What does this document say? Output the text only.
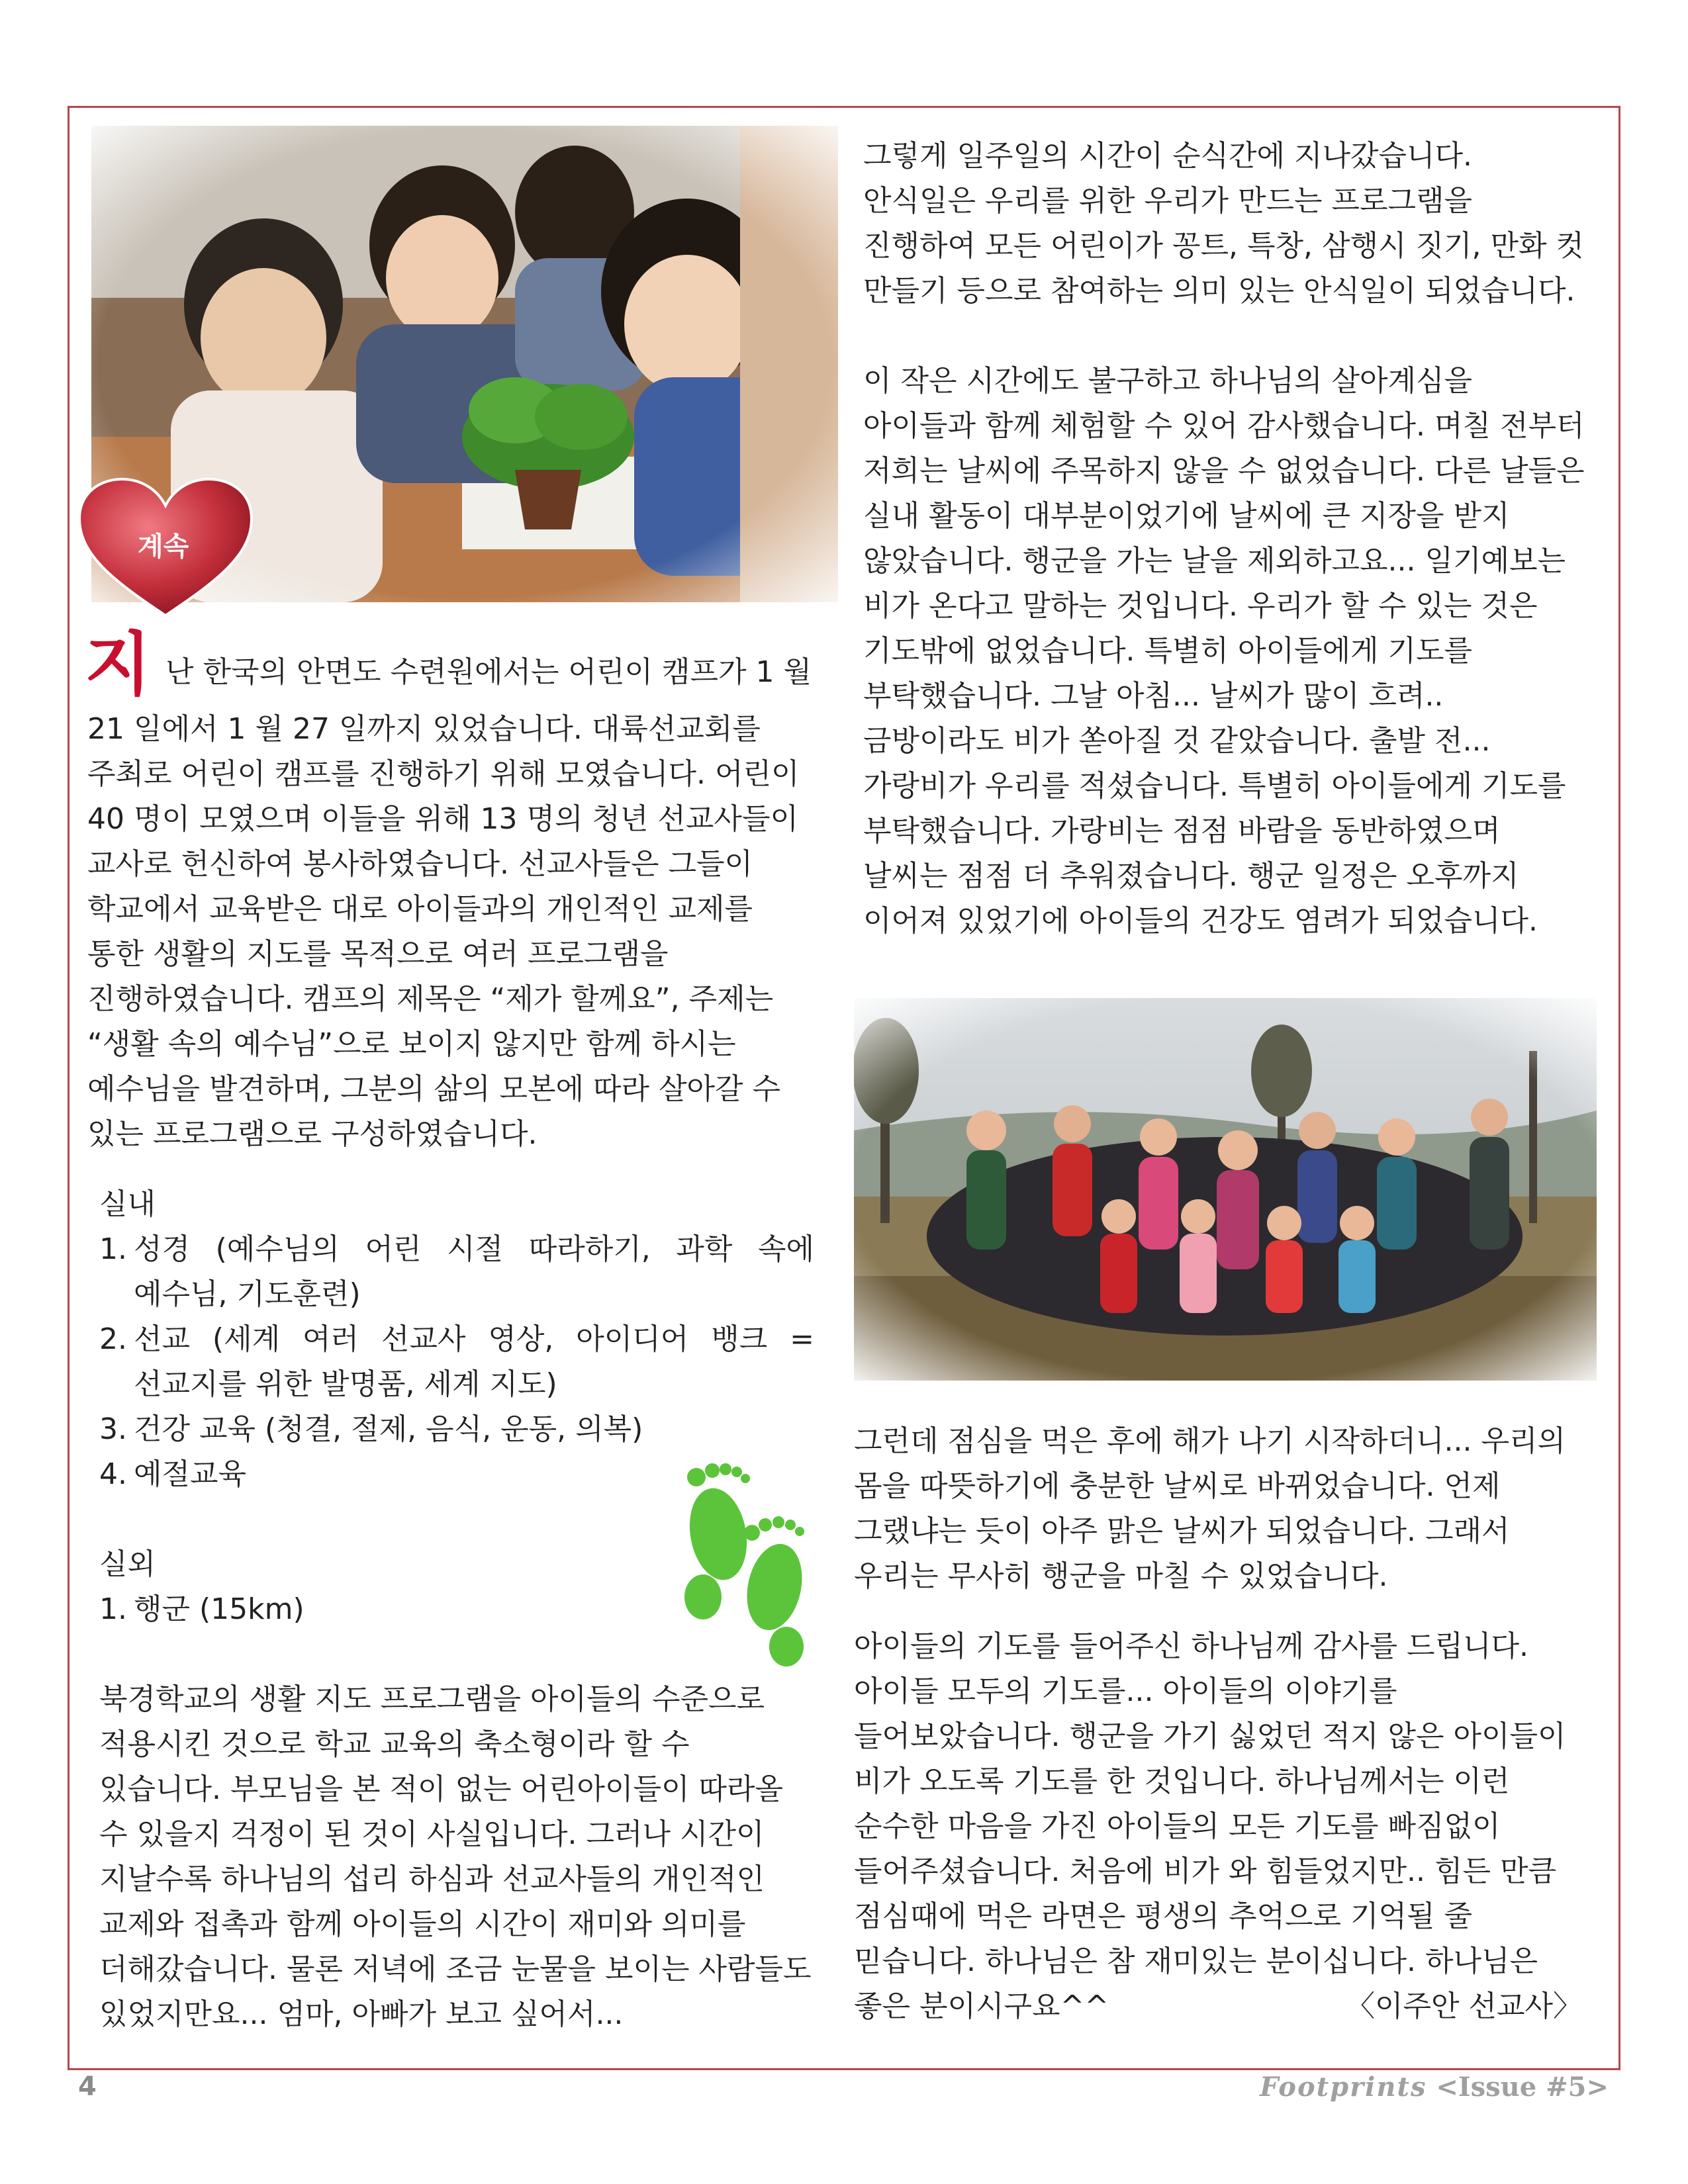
계속
지 난 한국의 안면도 수련원에서는 어린이 캠프가 1 월

21 일에서 1 월 27 일까지 있었습니다. 대륙선교회를

주최로 어린이 캠프를 진행하기 위해 모였습니다. 어린이

40 명이 모였으며 이들을 위해 13 명의 청년 선교사들이

교사로 헌신하여 봉사하였습니다. 선교사들은 그들이

학교에서 교육받은 대로 아이들과의 개인적인 교제를

통한 생활의 지도를 목적으로 여러 프로그램을

진행하였습니다. 캠프의 제목은 “제가 할께요”, 주제는

“생활 속의 예수님”으로 보이지 않지만 함께 하시는

예수님을 발견하며, 그분의 삶의 모본에 따라 살아갈 수

있는 프로그램으로 구성하였습니다.

실내
1. 성경 (예수님의 어린 시절 따라하기, 과학 속에
예수님, 기도훈련)
2. 선교 (세계 여러 선교사 영상, 아이디어 뱅크 =
선교지를 위한 발명품, 세계 지도)
3. 건강 교육 (청결, 절제, 음식, 운동, 의복)
4. 예절교육
실외
1. 행군 (15km)

북경학교의 생활 지도 프로그램을 아이들의 수준으로

적용시킨 것으로 학교 교육의 축소형이라 할 수

있습니다. 부모님을 본 적이 없는 어린아이들이 따라올

수 있을지 걱정이 된 것이 사실입니다. 그러나 시간이

지날수록 하나님의 섭리 하심과 선교사들의 개인적인

교제와 접촉과 함께 아이들의 시간이 재미와 의미를

더해갔습니다. 물론 저녁에 조금 눈물을 보이는 사람들도

있었지만요... 엄마, 아빠가 보고 싶어서...

그렇게 일주일의 시간이 순식간에 지나갔습니다.

안식일은 우리를 위한 우리가 만드는 프로그램을

진행하여 모든 어린이가 꽁트, 특창, 삼행시 짓기, 만화 컷

만들기 등으로 참여하는 의미 있는 안식일이 되었습니다.

이 작은 시간에도 불구하고 하나님의 살아계심을

아이들과 함께 체험할 수 있어 감사했습니다. 며칠 전부터

저희는 날씨에 주목하지 않을 수 없었습니다. 다른 날들은

실내 활동이 대부분이었기에 날씨에 큰 지장을 받지

않았습니다. 행군을 가는 날을 제외하고요... 일기예보는

비가 온다고 말하는 것입니다. 우리가 할 수 있는 것은

기도밖에 없었습니다. 특별히 아이들에게 기도를

부탁했습니다. 그날 아침... 날씨가 많이 흐려..

금방이라도 비가 쏟아질 것 같았습니다. 출발 전...

가랑비가 우리를 적셨습니다. 특별히 아이들에게 기도를

부탁했습니다. 가랑비는 점점 바람을 동반하였으며

날씨는 점점 더 추워졌습니다. 행군 일정은 오후까지

이어져 있었기에 아이들의 건강도 염려가 되었습니다.

그런데 점심을 먹은 후에 해가 나기 시작하더니... 우리의

몸을 따뜻하기에 충분한 날씨로 바뀌었습니다. 언제

그랬냐는 듯이 아주 맑은 날씨가 되었습니다. 그래서

우리는 무사히 행군을 마칠 수 있었습니다.

아이들의 기도를 들어주신 하나님께 감사를 드립니다.

아이들 모두의 기도를... 아이들의 이야기를

들어보았습니다. 행군을 가기 싫었던 적지 않은 아이들이

비가 오도록 기도를 한 것입니다. 하나님께서는 이런

순수한 마음을 가진 아이들의 모든 기도를 빠짐없이

들어주셨습니다. 처음에 비가 와 힘들었지만.. 힘든 만큼

점심때에 먹은 라면은 평생의 추억으로 기억될 줄

믿습니다. 하나님은 참 재미있는 분이십니다. 하나님은

좋은 분이시구요^^	〈이주안 선교사〉
4	Footprints <Issue #5>
